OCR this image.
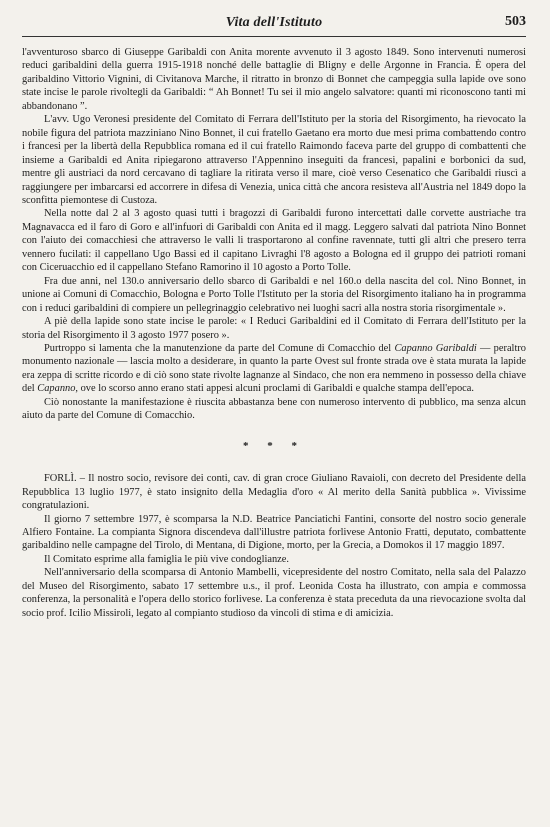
Vita dell'Istituto	503

l'avventuroso sbarco di Giuseppe Garibaldi con Anita morente avvenuto il 3 agosto 1849. Sono intervenuti numerosi reduci garibaldini della guerra 1915-1918 nonché delle battaglie di Bligny e delle Argonne in Francia. È opera del garibaldino Vittorio Vignini, di Civitanova Marche, il ritratto in bronzo di Bonnet che campeggia sulla lapide ove sono state incise le parole rivoltegli da Garibaldi: “ Ah Bonnet! Tu sei il mio angelo salvatore: quanti mi riconoscono tanti mi abbandonano ”.

L'avv. Ugo Veronesi presidente del Comitato di Ferrara dell'Istituto per la storia del Risorgimento, ha rievocato la nobile figura del patriota mazziniano Nino Bonnet, il cui fratello Gaetano era morto due mesi prima combattendo contro i francesi per la libertà della Repubblica romana ed il cui fratello Raimondo faceva parte del gruppo di combattenti che insieme a Garibaldi ed Anita ripiegarono attraverso l'Appennino inseguiti da francesi, papalini e borbonici da sud, mentre gli austriaci da nord cercavano di tagliare la ritirata verso il mare, cioè verso Cesenatico che Garibaldi riuscì a raggiungere per imbarcarsi ed accorrere in difesa di Venezia, unica città che ancora resisteva all'Austria nel 1849 dopo la sconfitta piemontese di Custoza.

Nella notte dal 2 al 3 agosto quasi tutti i bragozzi di Garibaldi furono intercettati dalle corvette austriache tra Magnavacca ed il faro di Goro e all'infuori di Garibaldi con Anita ed il magg. Leggero salvati dal patriota Nino Bonnet con l'aiuto dei comacchiesi che attraverso le valli li trasportarono al confine ravennate, tutti gli altri che presero terra vennero fucilati: il cappellano Ugo Bassi ed il capitano Livraghi l'8 agosto a Bologna ed il gruppo dei patrioti romani con Ciceruacchio ed il cappellano Stefano Ramorino il 10 agosto a Porto Tolle.

Fra due anni, nel 130.o anniversario dello sbarco di Garibaldi e nel 160.o della nascita del col. Nino Bonnet, in unione ai Comuni di Comacchio, Bologna e Porto Tolle l'Istituto per la storia del Risorgimento italiano ha in programma con i reduci garibaldini di compiere un pellegrinaggio celebrativo nei luoghi sacri alla nostra storia risorgimentale ».

A piè della lapide sono state incise le parole: « I Reduci Garibaldini ed il Comitato di Ferrara dell'Istituto per la storia del Risorgimento il 3 agosto 1977 posero ».

Purtroppo si lamenta che la manutenzione da parte del Comune di Comacchio del Capanno Garibaldi — peraltro monumento nazionale — lascia molto a desiderare, in quanto la parte Ovest sul fronte strada ove è stata murata la lapide era zeppa di scritte ricordo e di ciò sono state rivolte lagnanze al Sindaco, che non era nemmeno in possesso della chiave del Capanno, ove lo scorso anno erano stati appesi alcuni proclami di Garibaldi e qualche stampa dell'epoca.

Ciò nonostante la manifestazione è riuscita abbastanza bene con numeroso intervento di pubblico, ma senza alcun aiuto da parte del Comune di Comacchio.

* * *

FORLÌ. – Il nostro socio, revisore dei conti, cav. di gran croce Giuliano Ravaioli, con decreto del Presidente della Repubblica 13 luglio 1977, è stato insignito della Medaglia d'oro « Al merito della Sanità pubblica ». Vivissime congratulazioni.

Il giorno 7 settembre 1977, è scomparsa la N.D. Beatrice Panciatichi Fantini, consorte del nostro socio generale Alfiero Fontaine. La compianta Signora discendeva dall'illustre patriota forlivese Antonio Fratti, deputato, combattente garibaldino nelle campagne del Tirolo, di Mentana, di Digione, morto, per la Grecia, a Domokos il 17 maggio 1897.

Il Comitato esprime alla famiglia le più vive condoglianze.

Nell'anniversario della scomparsa di Antonio Mambelli, vicepresidente del nostro Comitato, nella sala del Palazzo del Museo del Risorgimento, sabato 17 settembre u.s., il prof. Leonida Costa ha illustrato, con ampia e commossa conferenza, la personalità e l'opera dello storico forlivese. La conferenza è stata preceduta da una rievocazione svolta dal socio prof. Icilio Missiroli, legato al compianto studioso da vincoli di stima e di amicizia.
